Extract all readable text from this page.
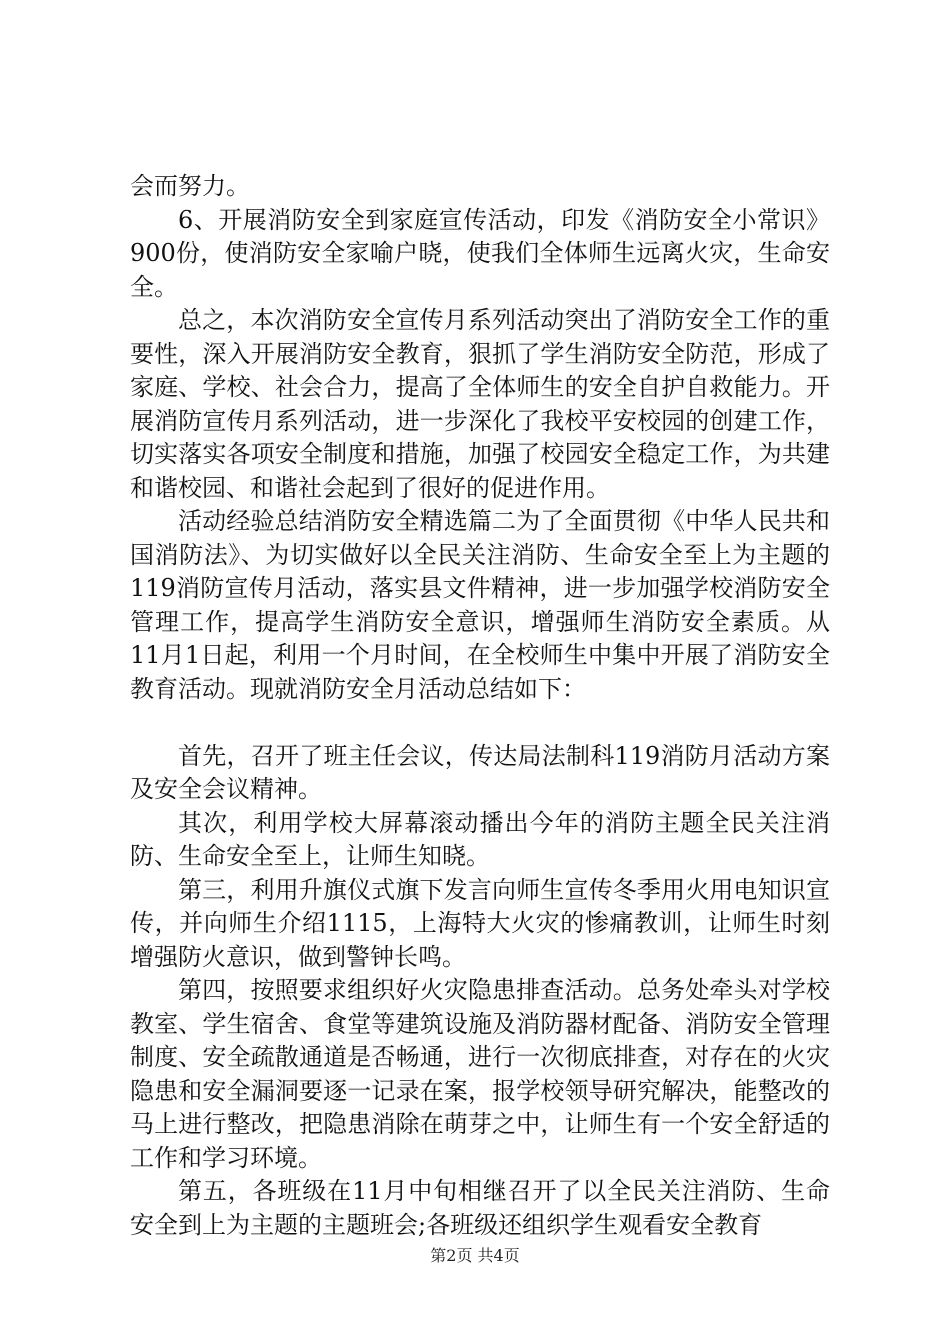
会而努力。

6、开展消防安全到家庭宣传活动，印发《消防安全小常识》900份，使消防安全家喻户晓，使我们全体师生远离火灾，生命安全。

总之，本次消防安全宣传月系列活动突出了消防安全工作的重要性，深入开展消防安全教育，狠抓了学生消防安全防范，形成了家庭、学校、社会合力，提高了全体师生的安全自护自救能力。开展消防宣传月系列活动，进一步深化了我校平安校园的创建工作，切实落实各项安全制度和措施，加强了校园安全稳定工作，为共建和谐校园、和谐社会起到了很好的促进作用。

活动经验总结消防安全精选篇二为了全面贯彻《中华人民共和国消防法》、为切实做好以全民关注消防、生命安全至上为主题的119消防宣传月活动，落实县文件精神，进一步加强学校消防安全管理工作，提高学生消防安全意识，增强师生消防安全素质。从11月1日起，利用一个月时间，在全校师生中集中开展了消防安全教育活动。现就消防安全月活动总结如下：

首先，召开了班主任会议，传达局法制科119消防月活动方案及安全会议精神。

其次，利用学校大屏幕滚动播出今年的消防主题全民关注消防、生命安全至上，让师生知晓。

第三，利用升旗仪式旗下发言向师生宣传冬季用火用电知识宣传，并向师生介绍1115，上海特大火灾的惨痛教训，让师生时刻增强防火意识，做到警钟长鸣。

第四，按照要求组织好火灾隐患排查活动。总务处牵头对学校教室、学生宿舍、食堂等建筑设施及消防器材配备、消防安全管理制度、安全疏散通道是否畅通，进行一次彻底排查，对存在的火灾隐患和安全漏洞要逐一记录在案，报学校领导研究解决，能整改的马上进行整改，把隐患消除在萌芽之中，让师生有一个安全舒适的工作和学习环境。

第五，各班级在11月中旬相继召开了以全民关注消防、生命安全到上为主题的主题班会;各班级还组织学生观看安全教育

第2页 共4页
